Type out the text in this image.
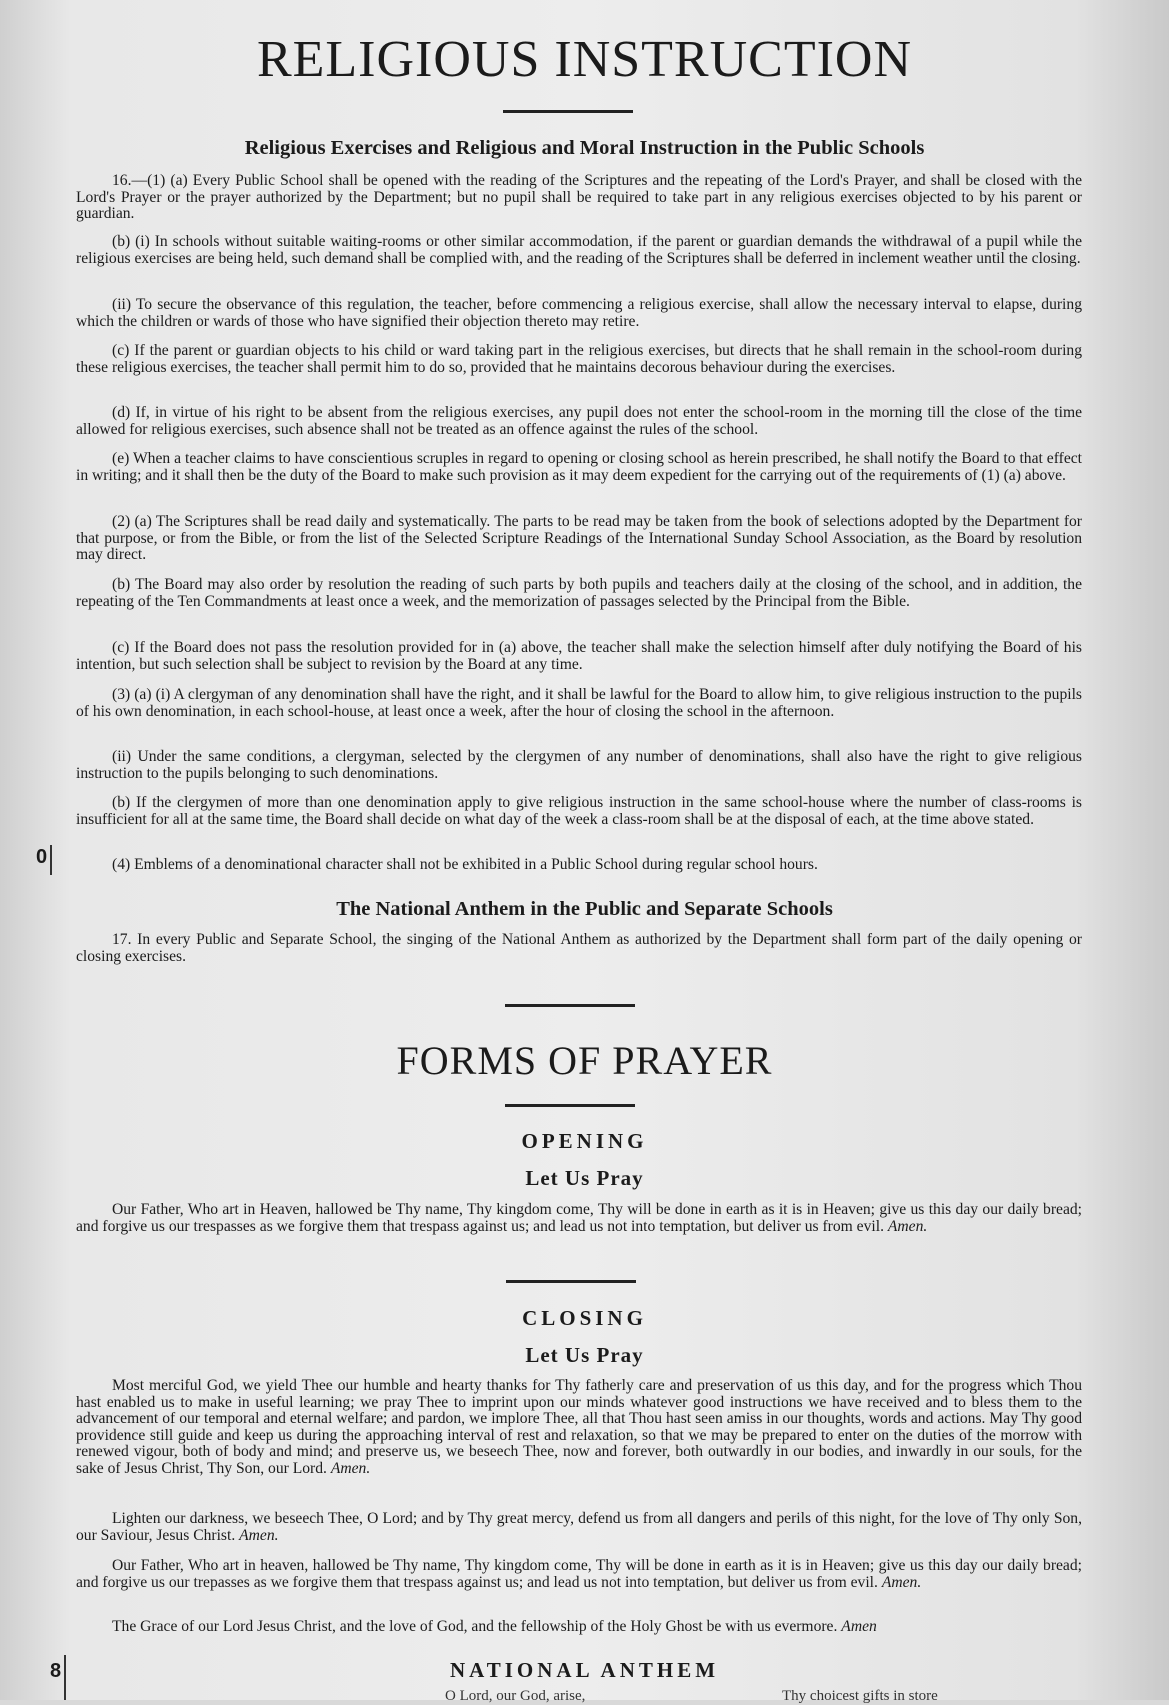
RELIGIOUS INSTRUCTION
Religious Exercises and Religious and Moral Instruction in the Public Schools

16.—(1) (a) Every Public School shall be opened with the reading of the Scriptures and the repeating of the Lord's Prayer, and shall be closed with the Lord's Prayer or the prayer authorized by the Department; but no pupil shall be required to take part in any religious exercises objected to by his parent or guardian.

(b) (i) In schools without suitable waiting-rooms or other similar accommodation, if the parent or guardian demands the withdrawal of a pupil while the religious exercises are being held, such demand shall be complied with, and the reading of the Scriptures shall be deferred in inclement weather until the closing.

(ii) To secure the observance of this regulation, the teacher, before commencing a religious exercise, shall allow the necessary interval to elapse, during which the children or wards of those who have signified their objection thereto may retire.

(c) If the parent or guardian objects to his child or ward taking part in the religious exercises, but directs that he shall remain in the school-room during these religious exercises, the teacher shall permit him to do so, provided that he maintains decorous behaviour during the exercises.

(d) If, in virtue of his right to be absent from the religious exercises, any pupil does not enter the school-room in the morning till the close of the time allowed for religious exercises, such absence shall not be treated as an offence against the rules of the school.

(e) When a teacher claims to have conscientious scruples in regard to opening or closing school as herein prescribed, he shall notify the Board to that effect in writing; and it shall then be the duty of the Board to make such provision as it may deem expedient for the carrying out of the requirements of (1) (a) above.

(2) (a) The Scriptures shall be read daily and systematically. The parts to be read may be taken from the book of selections adopted by the Department for that purpose, or from the Bible, or from the list of the Selected Scripture Readings of the International Sunday School Association, as the Board by resolution may direct.

(b) The Board may also order by resolution the reading of such parts by both pupils and teachers daily at the closing of the school, and in addition, the repeating of the Ten Commandments at least once a week, and the memorization of passages selected by the Principal from the Bible.

(c) If the Board does not pass the resolution provided for in (a) above, the teacher shall make the selection himself after duly notifying the Board of his intention, but such selection shall be subject to revision by the Board at any time.

(3) (a) (i) A clergyman of any denomination shall have the right, and it shall be lawful for the Board to allow him, to give religious instruction to the pupils of his own denomination, in each school-house, at least once a week, after the hour of closing the school in the afternoon.

(ii) Under the same conditions, a clergyman, selected by the clergymen of any number of denominations, shall also have the right to give religious instruction to the pupils belonging to such denominations.

(b) If the clergymen of more than one denomination apply to give religious instruction in the same school-house where the number of class-rooms is insufficient for all at the same time, the Board shall decide on what day of the week a class-room shall be at the disposal of each, at the time above stated.

(4) Emblems of a denominational character shall not be exhibited in a Public School during regular school hours.

The National Anthem in the Public and Separate Schools

17. In every Public and Separate School, the singing of the National Anthem as authorized by the Department shall form part of the daily opening or closing exercises.

FORMS OF PRAYER
OPENING
Let Us Pray

Our Father, Who art in Heaven, hallowed be Thy name, Thy kingdom come, Thy will be done in earth as it is in Heaven; give us this day our daily bread; and forgive us our trespasses as we forgive them that trespass against us; and lead us not into temptation, but deliver us from evil. Amen.

CLOSING
Let Us Pray

Most merciful God, we yield Thee our humble and hearty thanks for Thy fatherly care and preservation of us this day, and for the progress which Thou hast enabled us to make in useful learning; we pray Thee to imprint upon our minds whatever good instructions we have received and to bless them to the advancement of our temporal and eternal welfare; and pardon, we implore Thee, all that Thou hast seen amiss in our thoughts, words and actions. May Thy good providence still guide and keep us during the approaching interval of rest and relaxation, so that we may be prepared to enter on the duties of the morrow with renewed vigour, both of body and mind; and preserve us, we beseech Thee, now and forever, both outwardly in our bodies, and inwardly in our souls, for the sake of Jesus Christ, Thy Son, our Lord. Amen.

Lighten our darkness, we beseech Thee, O Lord; and by Thy great mercy, defend us from all dangers and perils of this night, for the love of Thy only Son, our Saviour, Jesus Christ. Amen.

Our Father, Who art in heaven, hallowed be Thy name, Thy kingdom come, Thy will be done in earth as it is in Heaven; give us this day our daily bread; and forgive us our trepasses as we forgive them that trespass against us; and lead us not into temptation, but deliver us from evil. Amen.

The Grace of our Lord Jesus Christ, and the love of God, and the fellowship of the Holy Ghost be with us evermore. Amen

NATIONAL ANTHEM
O Lord, our God, arise,	Thy choicest gifts in store
0
8
